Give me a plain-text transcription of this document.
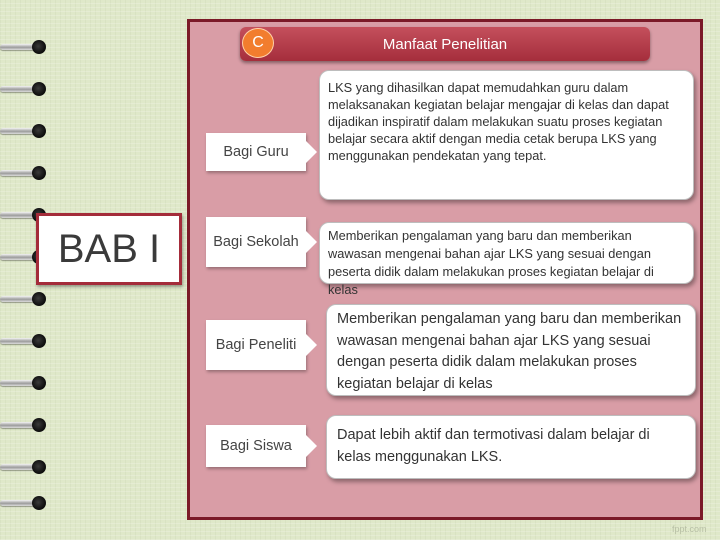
BAB I
C	Manfaat Penelitian
Bagi Guru
LKS yang dihasilkan dapat memudahkan guru dalam melaksanakan kegiatan belajar mengajar di kelas dan dapat dijadikan inspiratif dalam melakukan suatu proses kegiatan belajar secara aktif dengan media cetak berupa LKS yang menggunakan pendekatan yang tepat.
Bagi Sekolah	Memberikan pengalaman yang baru dan memberikan wawasan mengenai bahan ajar LKS yang sesuai dengan peserta didik dalam melakukan proses kegiatan belajar di kelas
Bagi Peneliti
Memberikan pengalaman yang baru dan memberikan wawasan mengenai bahan ajar LKS yang sesuai dengan peserta didik dalam melakukan proses kegiatan belajar di kelas
Bagi Siswa
Dapat lebih aktif dan termotivasi dalam belajar di kelas menggunakan LKS.
fppt.com
